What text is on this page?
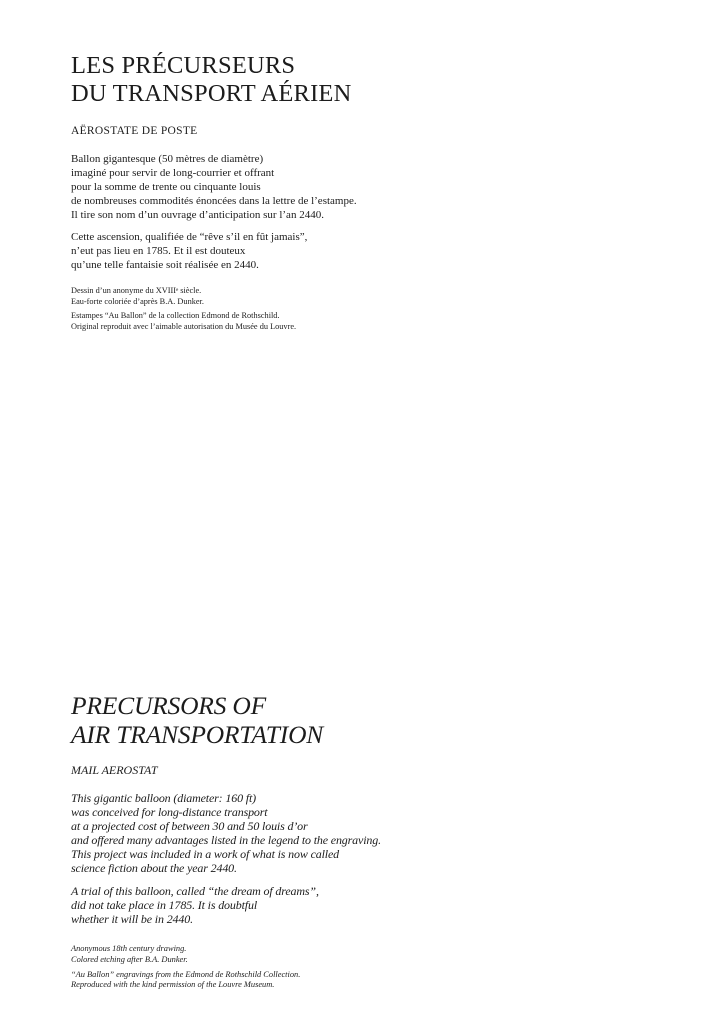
LES PRÉCURSEURS
DU TRANSPORT AÉRIEN

AËROSTATE DE POSTE

Ballon gigantesque (50 mètres de diamètre)
imaginé pour servir de long-courrier et offrant
pour la somme de trente ou cinquante louis
de nombreuses commodités énoncées dans la lettre de l’estampe.
Il tire son nom d’un ouvrage d’anticipation sur l’an 2440.

Cette ascension, qualifiée de “rêve s’il en fût jamais”,
n’eut pas lieu en 1785. Et il est douteux
qu’une telle fantaisie soit réalisée en 2440.

Dessin d’un anonyme du XVIIIᵉ siècle.
Eau-forte coloriée d’après B.A. Dunker.

Estampes “Au Ballon” de la collection Edmond de Rothschild.
Original reproduit avec l’aimable autorisation du Musée du Louvre.

PRECURSORS OF
AIR TRANSPORTATION

MAIL AEROSTAT

This gigantic balloon (diameter: 160 ft)
was conceived for long-distance transport
at a projected cost of between 30 and 50 louis d’or
and offered many advantages listed in the legend to the engraving.
This project was included in a work of what is now called
science fiction about the year 2440.

A trial of this balloon, called “the dream of dreams”,
did not take place in 1785. It is doubtful
whether it will be in 2440.

Anonymous 18th century drawing.
Colored etching after B.A. Dunker.

“Au Ballon” engravings from the Edmond de Rothschild Collection.
Reproduced with the kind permission of the Louvre Museum.
